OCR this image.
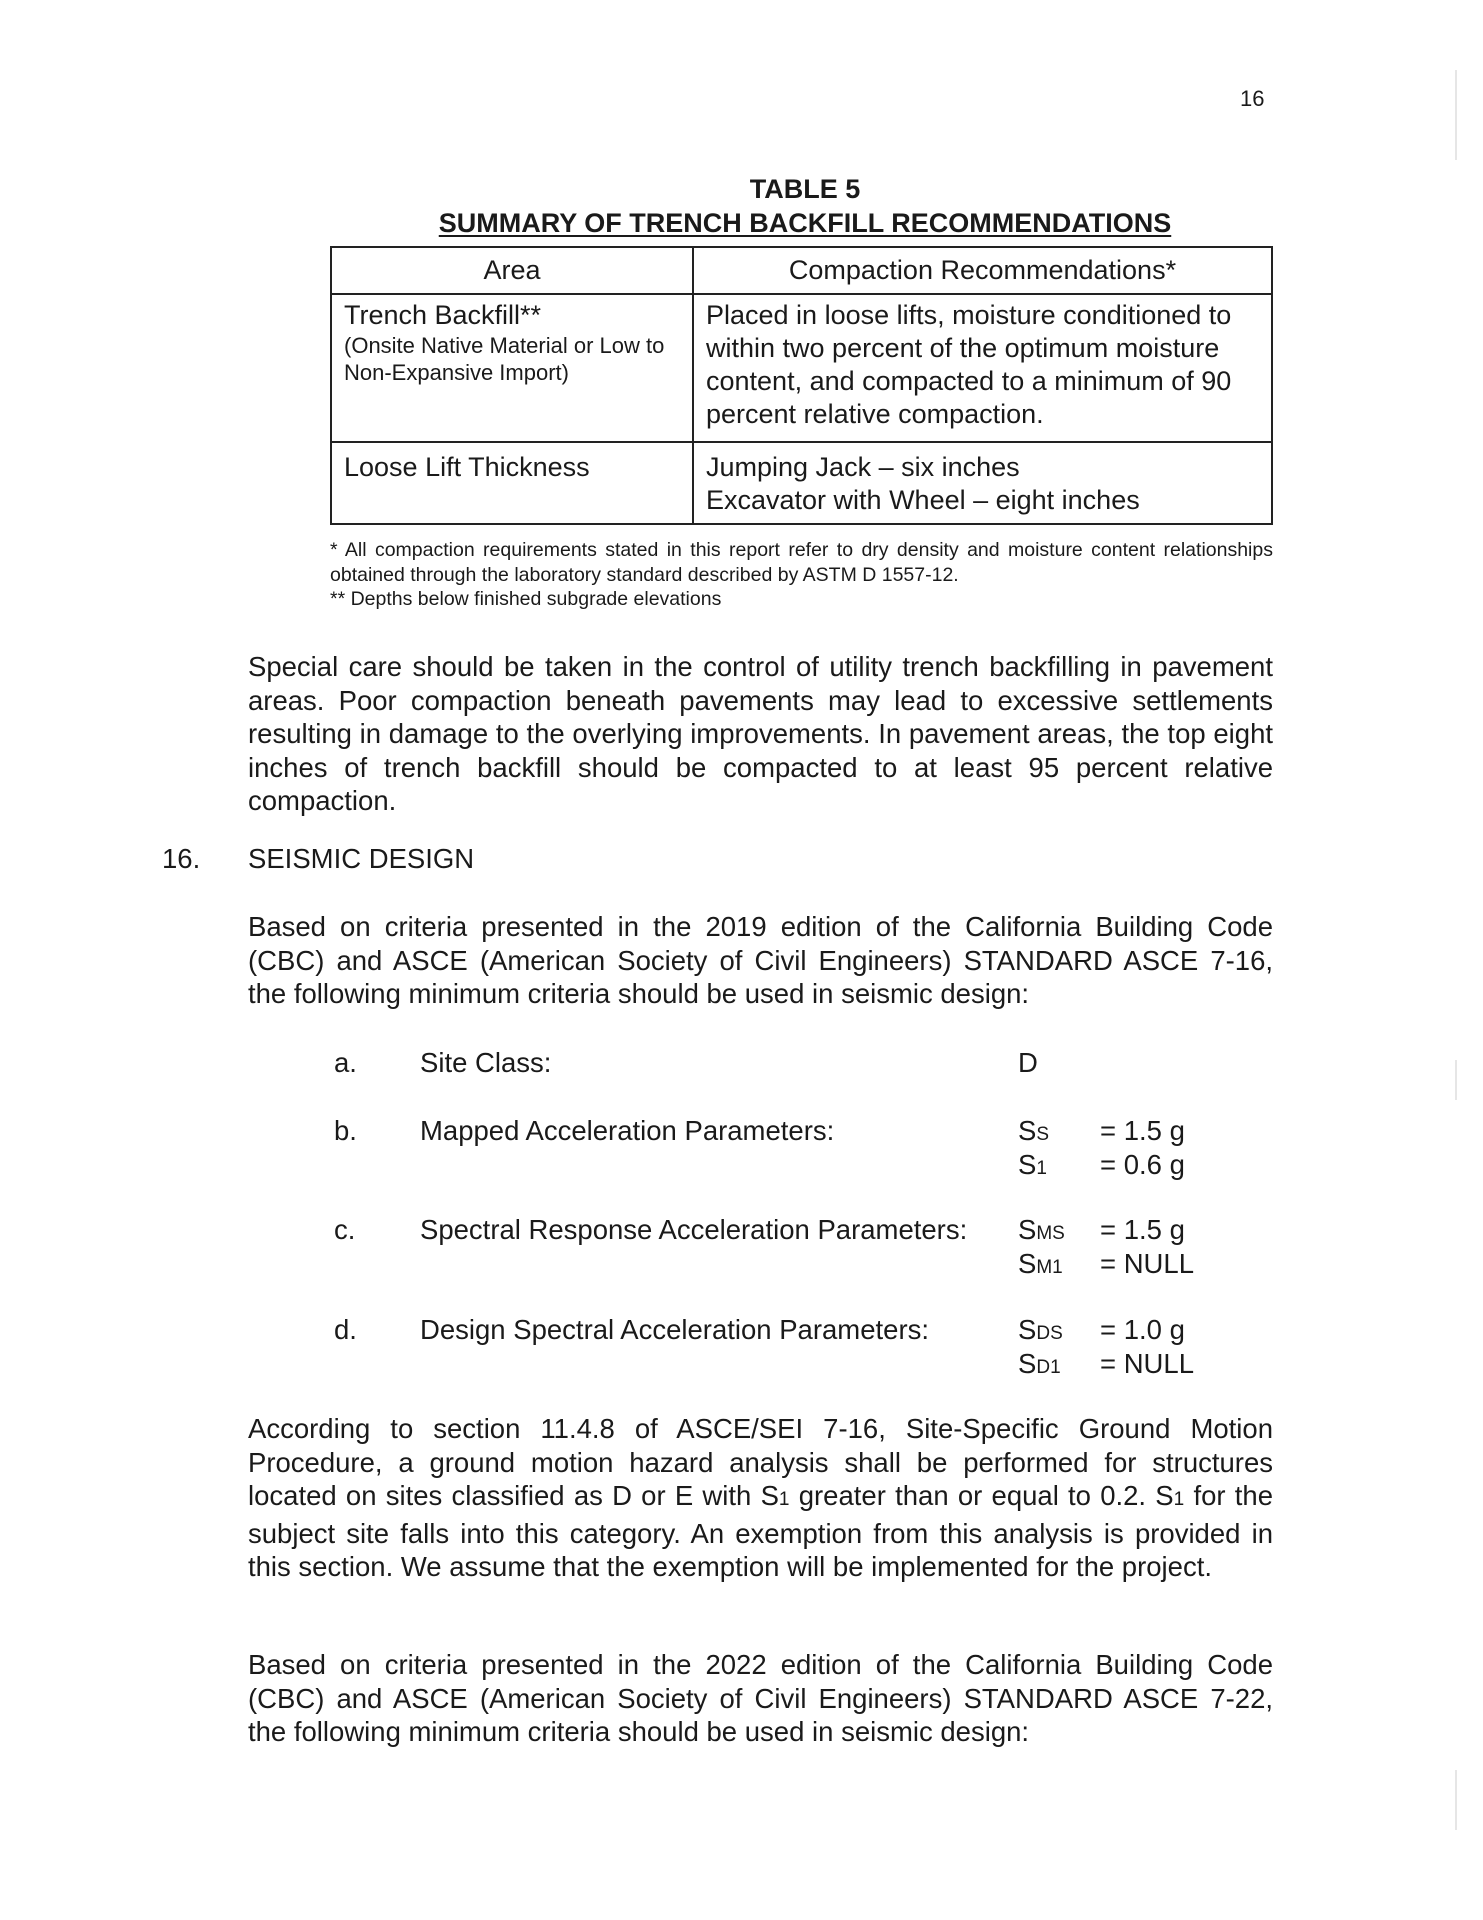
16
TABLE 5
SUMMARY OF TRENCH BACKFILL RECOMMENDATIONS
Area	Compaction Recommendations*

Trench Backfill**
(Onsite Native Material or Low to Non-Expansive Import)	Placed in loose lifts, moisture conditioned to within two percent of the optimum moisture content, and compacted to a minimum of 90 percent relative compaction.
Loose Lift Thickness	Jumping Jack – six inches
Excavator with Wheel – eight inches
* All compaction requirements stated in this report refer to dry density and moisture content relationships obtained through the laboratory standard described by ASTM D 1557-12.
** Depths below finished subgrade elevations
Special care should be taken in the control of utility trench backfilling in pavement areas. Poor compaction beneath pavements may lead to excessive settlements resulting in damage to the overlying improvements. In pavement areas, the top eight inches of trench backfill should be compacted to at least 95 percent relative compaction.
16. SEISMIC DESIGN
Based on criteria presented in the 2019 edition of the California Building Code (CBC) and ASCE (American Society of Civil Engineers) STANDARD ASCE 7-16, the following minimum criteria should be used in seismic design:
a. Site Class:	D
b. Mapped Acceleration Parameters:	SS = 1.5 g
S1 = 0.6 g
c. Spectral Response Acceleration Parameters: SMS = 1.5 g
SM1 = NULL
d. Design Spectral Acceleration Parameters:	SDS = 1.0 g
SD1 = NULL
According to section 11.4.8 of ASCE/SEI 7-16, Site-Specific Ground Motion Procedure, a ground motion hazard analysis shall be performed for structures located on sites classified as D or E with S1 greater than or equal to 0.2. S1 for the subject site falls into this category. An exemption from this analysis is provided in this section. We assume that the exemption will be implemented for the project.
Based on criteria presented in the 2022 edition of the California Building Code (CBC) and ASCE (American Society of Civil Engineers) STANDARD ASCE 7-22, the following minimum criteria should be used in seismic design:
